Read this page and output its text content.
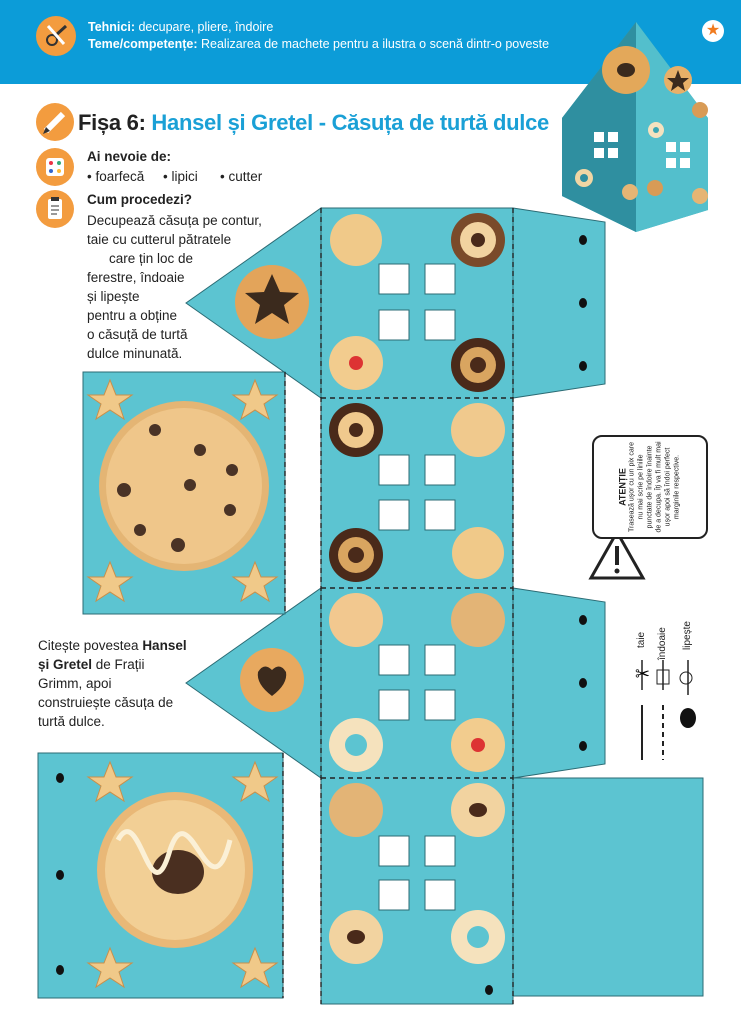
Tehnici: decupare, pliere, îndoire
Teme/competențe: Realizarea de machete pentru a ilustra o scenă dintr-o poveste
★
Fișa 6: Hansel și Gretel - Căsuța de turtă dulce
Ai nevoie de:
• foarfecă • lipici • cutter
Cum procedezi?
Decupează căsuța pe contur,
taie cu cutterul pătratele
care țin loc de
ferestre, îndoaie
și lipește
pentru a obține
o căsuță de turtă
dulce minunată.
✂
ATENȚIE Trasează ușor cu un pix care nu mai scrie pe liniile punctate de îndoire înainte de a decupa. Îți va fi mult mai ușor apoi să îndoi perfect marginile respective.
taie îndoaie lipește
Citește povestea Hansel
și Gretel de Frații
Grimm, apoi
construiește căsuța de
turtă dulce.
